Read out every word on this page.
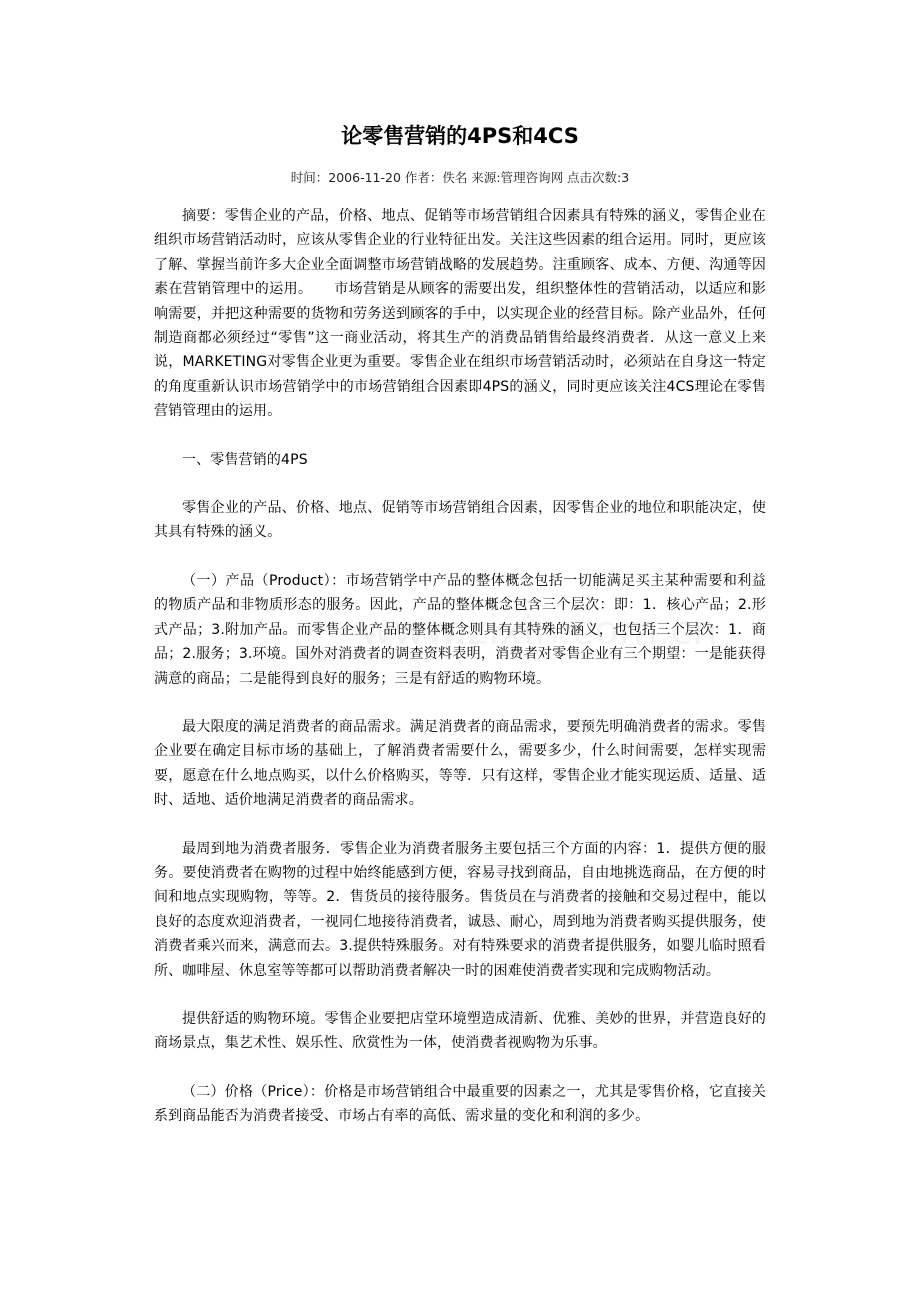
论零售营销的4PS和4CS
时间：2006-11-20 作者：佚名 来源:管理咨询网 点击次数:3

摘要：零售企业的产品，价格、地点、促销等市场营销组合因素具有特殊的涵义，零售企业在组织市场营销活动时，应该从零售企业的行业特征出发。关注这些因素的组合运用。同时，更应该了解、掌握当前许多大企业全面调整市场营销战略的发展趋势。注重顾客、成本、方便、沟通等因素在营销管理中的运用。　　市场营销是从顾客的需要出发，组织整体性的营销活动，以适应和影响需要，并把这种需要的货物和劳务送到顾客的手中，以实现企业的经营目标。除产业品外，任何制造商都必须经过“零售”这一商业活动，将其生产的消费品销售给最终消费者．从这一意义上来说，MARKETING对零售企业更为重要。零售企业在组织市场营销活动时，必须站在自身这一特定的角度重新认识市场营销学中的市场营销组合因素即4PS的涵义，同时更应该关注4CS理论在零售营销管理由的运用。

一、零售营销的4PS

零售企业的产品、价格、地点、促销等市场营销组合因素，因零售企业的地位和职能决定，使其具有特殊的涵义。

（一）产品（Product）：市场营销学中产品的整体概念包括一切能满足买主某种需要和利益的物质产品和非物质形态的服务。因此，产品的整体概念包含三个层次：即：1．核心产品；2.形式产品；3.附加产品。而零售企业产品的整体概念则具有其特殊的涵义，也包括三个层次：1．商品；2.服务；3.环境。国外对消费者的调查资料表明，消费者对零售企业有三个期望：一是能获得满意的商品；二是能得到良好的服务；三是有舒适的购物环境。

最大限度的满足消费者的商品需求。满足消费者的商品需求，要预先明确消费者的需求。零售企业要在确定目标市场的基础上，了解消费者需要什么，需要多少，什么时间需要，怎样实现需要，愿意在什么地点购买，以什么价格购买，等等．只有这样，零售企业才能实现运质、适量、适时、适地、适价地满足消费者的商品需求。

最周到地为消费者服务．零售企业为消费者服务主要包括三个方面的内容：1．提供方便的服务。要使消费者在购物的过程中始终能感到方便，容易寻找到商品，自由地挑选商品，在方便的时间和地点实现购物，等等。2．售货员的接待服务。售货员在与消费者的接触和交易过程中，能以良好的态度欢迎消费者，一视同仁地接待消费者，诚恳、耐心，周到地为消费者购买提供服务，使消费者乘兴而来，满意而去。3.提供特殊服务。对有特殊要求的消费者提供服务，如婴儿临时照看所、咖啡屋、休息室等等都可以帮助消费者解决一时的困难使消费者实现和完成购物活动。

提供舒适的购物环境。零售企业要把店堂环境塑造成清新、优雅、美妙的世界，并营造良好的商场景点，集艺术性、娱乐性、欣赏性为一体，使消费者视购物为乐事。

（二）价格（Price）：价格是市场营销组合中最重要的因素之一，尤其是零售价格，它直接关系到商品能否为消费者接受、市场占有率的高低、需求量的变化和利润的多少。
